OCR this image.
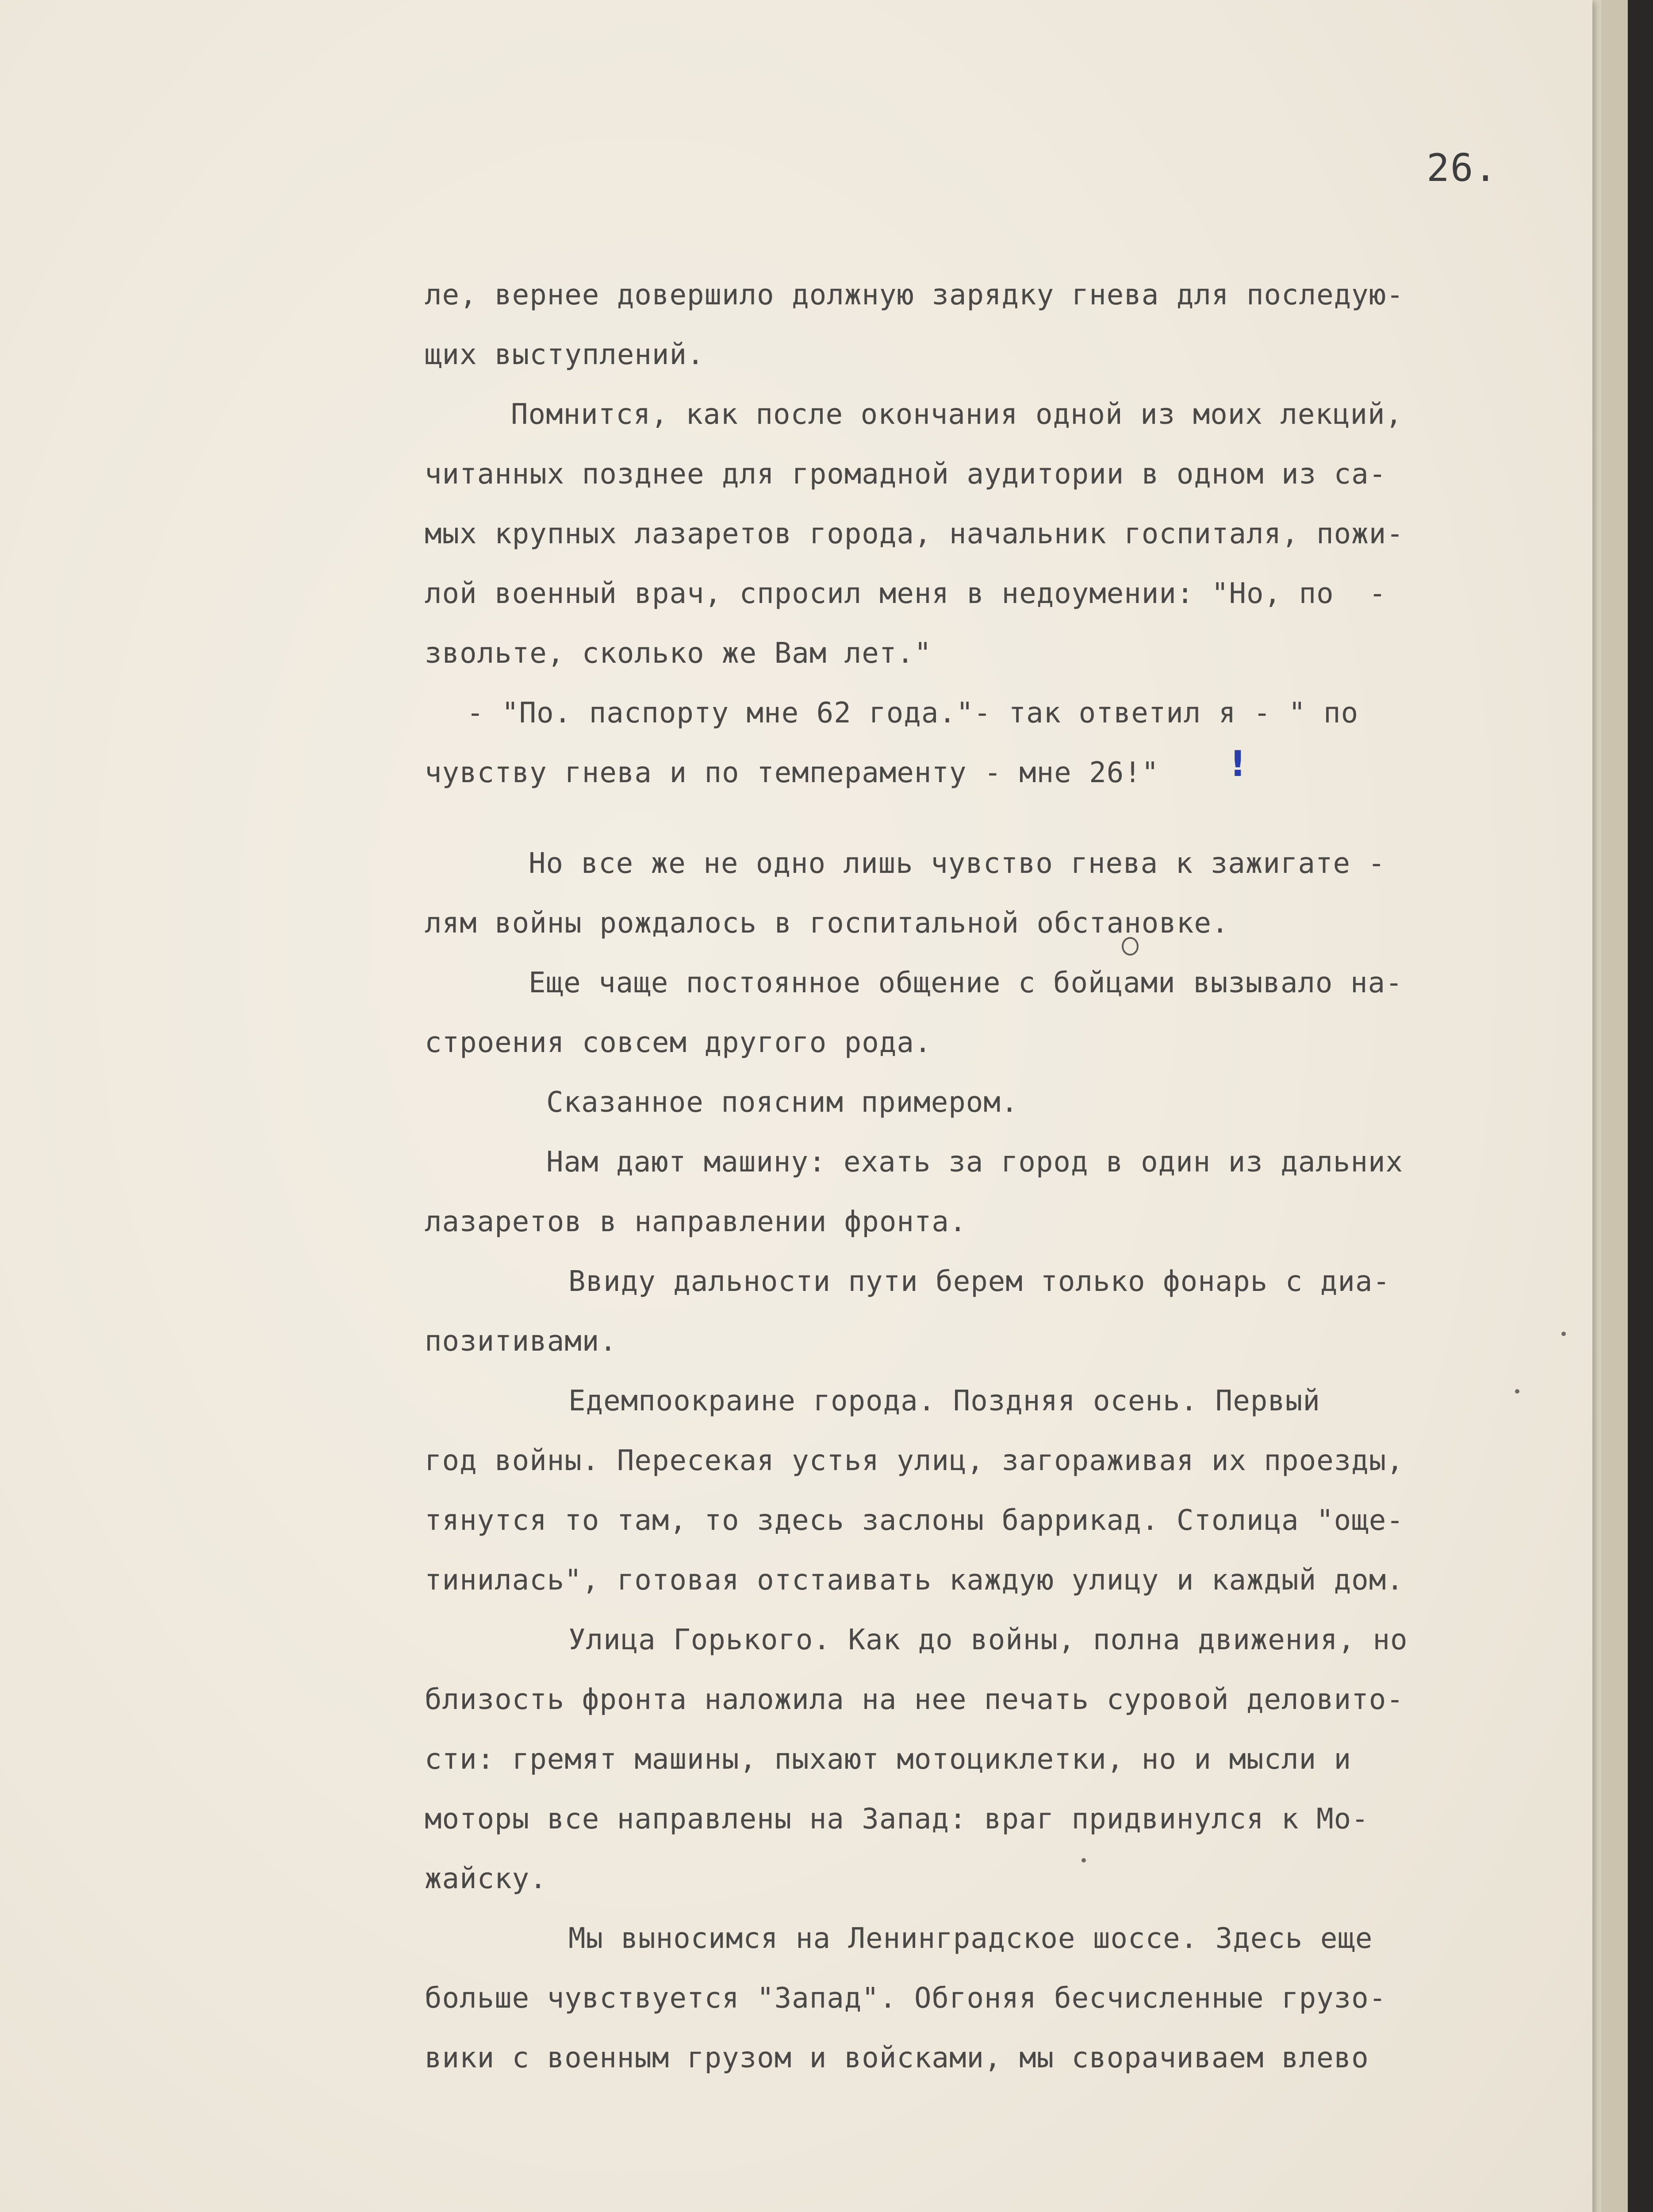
26.
ле, вернее довершило должную зарядку гнева для последую-
щих выступлений.
Помнится, как после окончания одной из моих лекций,
читанных позднее для громадной аудитории в одном из са-
мых крупных лазаретов города, начальник госпиталя, пожи-
лой военный врач, спросил меня в недоумении: "Но, по  -
звольте, сколько же Вам лет."
- "По. паспорту мне 62 года."- так ответил я - " по
чувству гнева и по темпераменту - мне 26!" !
Но все же не одно лишь чувство гнева к зажигате -
лям войны рождалось в госпитальной обстановке.
Еще чаще постоянное общение с бойцами вызывало на-
строения совсем другого рода.
Сказанное поясним примером.
Нам дают машину: ехать за город в один из дальних
лазаретов в направлении фронта.
Ввиду дальности пути берем только фонарь с диа-
позитивами.
Едемпоокраине города. Поздняя осень. Первый
год войны. Пересекая устья улиц, загораживая их проезды,
тянутся то там, то здесь заслоны баррикад. Столица "още-
тинилась", готовая отстаивать каждую улицу и каждый дом.
Улица Горького. Как до войны, полна движения, но
близость фронта наложила на нее печать суровой деловито-
сти: гремят машины, пыхают мотоциклетки, но и мысли и
моторы все направлены на Запад: враг придвинулся к Мо-
жайску.
Мы выносимся на Ленинградское шоссе. Здесь еще
больше чувствуется "Запад". Обгоняя бесчисленные грузо-
вики с военным грузом и войсками, мы сворачиваем влево
